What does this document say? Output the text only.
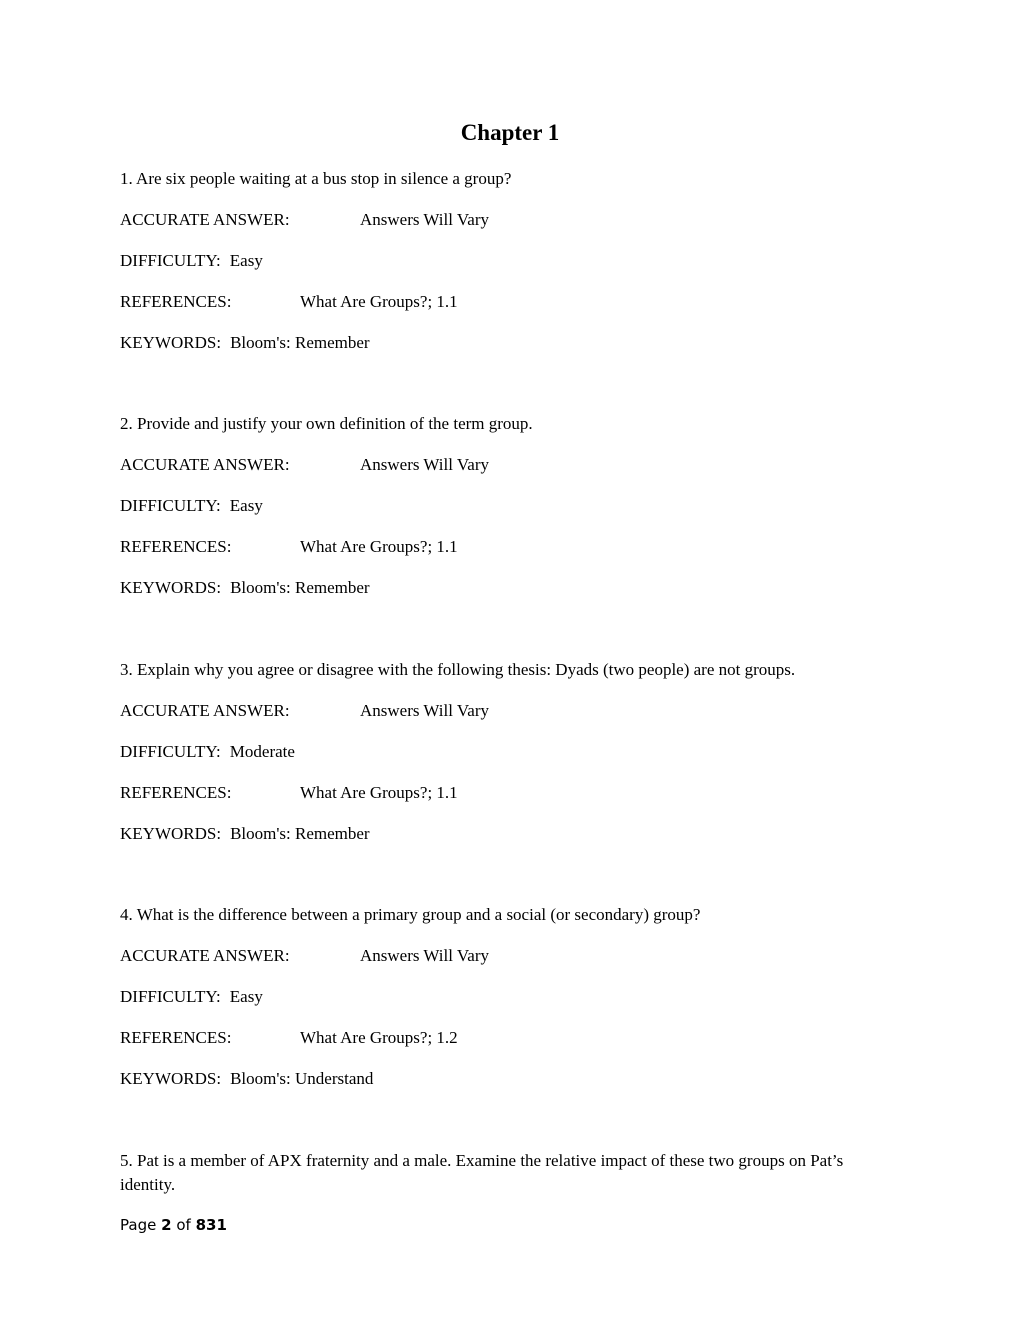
Chapter 1

1. Are six people waiting at a bus stop in silence a group?

ACCURATE ANSWER:	Answers Will Vary

DIFFICULTY: Easy

REFERENCES:	What Are Groups?; 1.1

KEYWORDS: Bloom's: Remember

2. Provide and justify your own definition of the term group.

ACCURATE ANSWER:	Answers Will Vary

DIFFICULTY: Easy

REFERENCES:	What Are Groups?; 1.1

KEYWORDS: Bloom's: Remember

3. Explain why you agree or disagree with the following thesis: Dyads (two people) are not groups.

ACCURATE ANSWER:	Answers Will Vary

DIFFICULTY: Moderate

REFERENCES:	What Are Groups?; 1.1

KEYWORDS: Bloom's: Remember

4. What is the difference between a primary group and a social (or secondary) group?

ACCURATE ANSWER:	Answers Will Vary

DIFFICULTY: Easy

REFERENCES:	What Are Groups?; 1.2

KEYWORDS: Bloom's: Understand

5. Pat is a member of APX fraternity and a male. Examine the relative impact of these two groups on Pat’s identity.

Page 2 of 831
